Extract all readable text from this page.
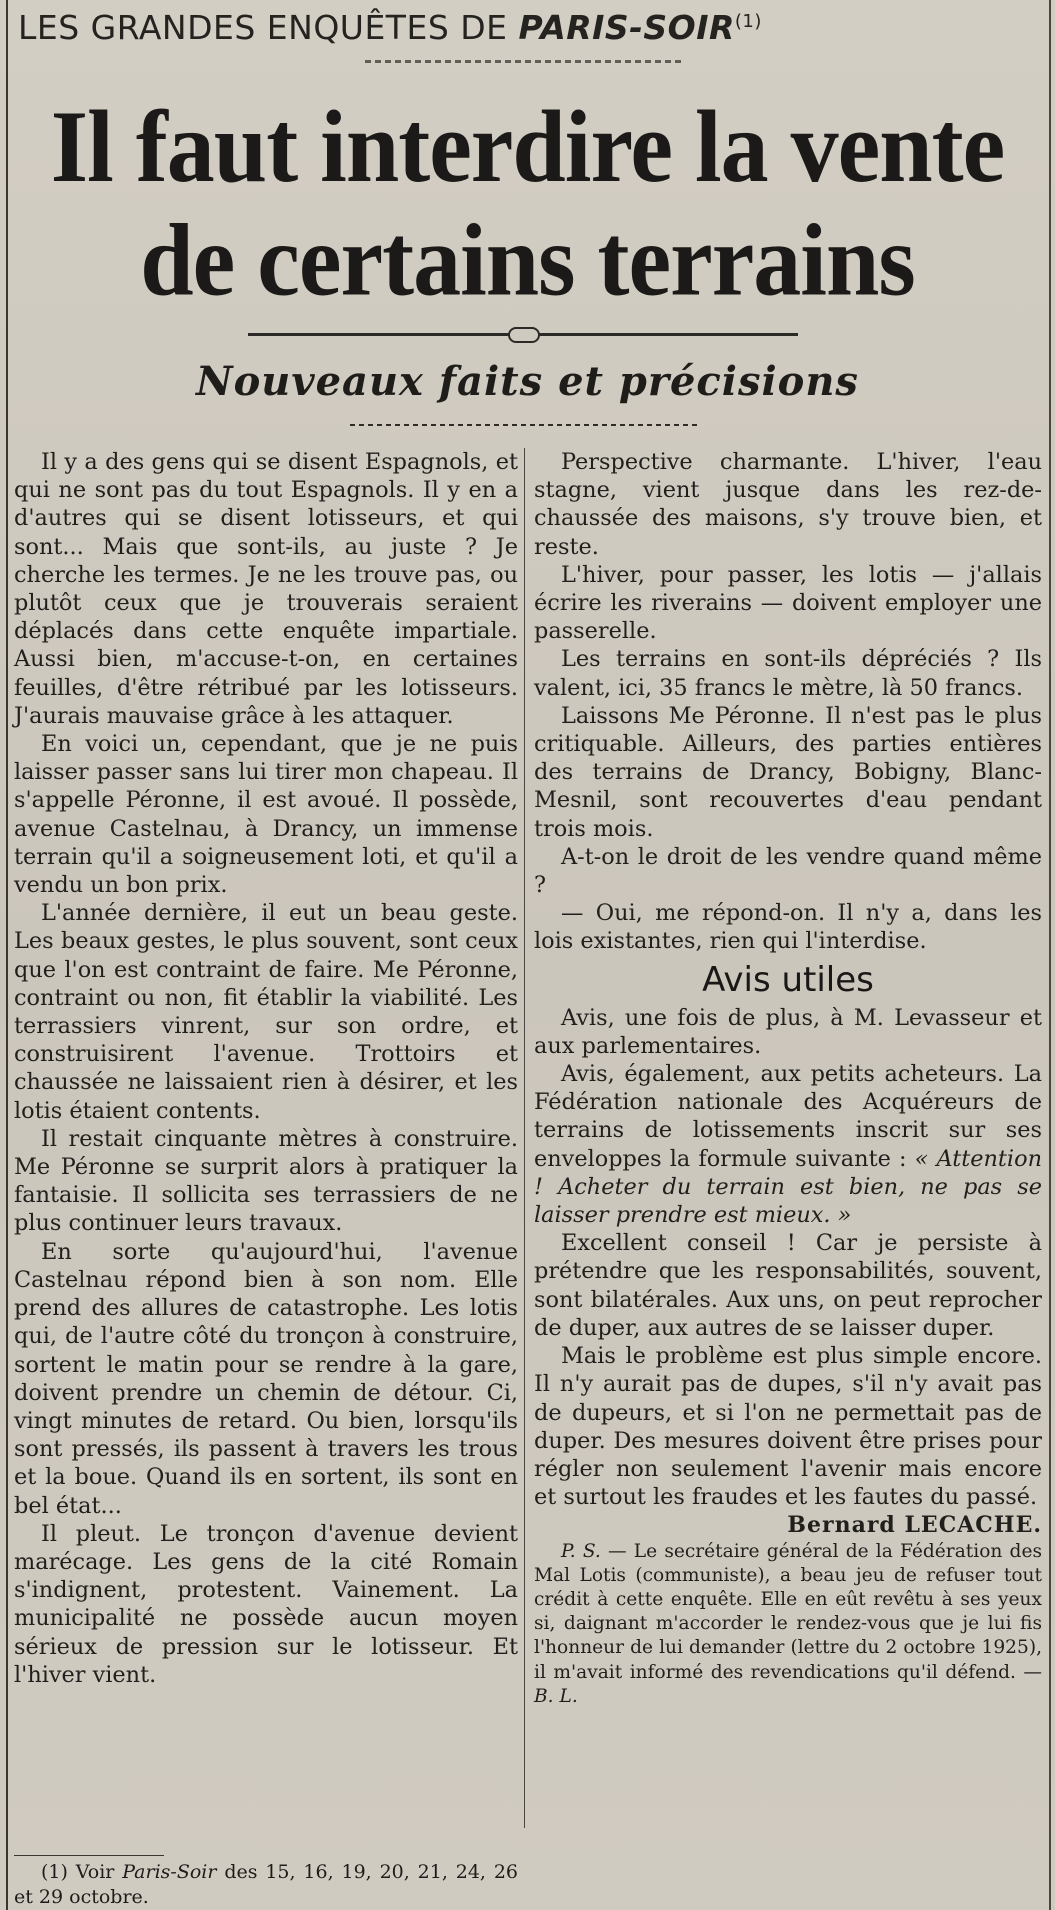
LES GRANDES ENQUÊTES DE PARIS-SOIR$^{(1)}$
Il faut interdire la vente
de certains terrains
Nouveaux faits et précisions

Il y a des gens qui se disent Espagnols, et qui ne sont pas du tout Espagnols. Il y en a d'autres qui se disent lotisseurs, et qui sont... Mais que sont-ils, au juste ? Je cherche les termes. Je ne les trouve pas, ou plutôt ceux que je trouverais seraient déplacés dans cette enquête impartiale. Aussi bien, m'accuse-t-on, en certaines feuilles, d'être rétribué par les lotisseurs. J'aurais mauvaise grâce à les attaquer.

En voici un, cependant, que je ne puis laisser passer sans lui tirer mon chapeau. Il s'appelle Péronne, il est avoué. Il possède, avenue Castelnau, à Drancy, un immense terrain qu'il a soigneusement loti, et qu'il a vendu un bon prix.

L'année dernière, il eut un beau geste. Les beaux gestes, le plus souvent, sont ceux que l'on est contraint de faire. Me Péronne, contraint ou non, fit établir la viabilité. Les terrassiers vinrent, sur son ordre, et construisirent l'avenue. Trottoirs et chaussée ne laissaient rien à désirer, et les lotis étaient contents.

Il restait cinquante mètres à construire. Me Péronne se surprit alors à pratiquer la fantaisie. Il sollicita ses terrassiers de ne plus continuer leurs travaux.

En sorte qu'aujourd'hui, l'avenue Castelnau répond bien à son nom. Elle prend des allures de catastrophe. Les lotis qui, de l'autre côté du tronçon à construire, sortent le matin pour se rendre à la gare, doivent prendre un chemin de détour. Ci, vingt minutes de retard. Ou bien, lorsqu'ils sont pressés, ils passent à travers les trous et la boue. Quand ils en sortent, ils sont en bel état...

Il pleut. Le tronçon d'avenue devient marécage. Les gens de la cité Romain s'indignent, protestent. Vainement. La municipalité ne possède aucun moyen sérieux de pression sur le lotisseur. Et l'hiver vient.

Perspective charmante. L'hiver, l'eau stagne, vient jusque dans les rez-de-chaussée des maisons, s'y trouve bien, et reste.

L'hiver, pour passer, les lotis — j'allais écrire les riverains — doivent employer une passerelle.

Les terrains en sont-ils dépréciés ? Ils valent, ici, 35 francs le mètre, là 50 francs.

Laissons Me Péronne. Il n'est pas le plus critiquable. Ailleurs, des parties entières des terrains de Drancy, Bobigny, Blanc-Mesnil, sont recouvertes d'eau pendant trois mois.

A-t-on le droit de les vendre quand même ?

— Oui, me répond-on. Il n'y a, dans les lois existantes, rien qui l'interdise.

Avis utiles

Avis, une fois de plus, à M. Levasseur et aux parlementaires.

Avis, également, aux petits acheteurs. La Fédération nationale des Acquéreurs de terrains de lotissements inscrit sur ses enveloppes la formule suivante : « Attention ! Acheter du terrain est bien, ne pas se laisser prendre est mieux. »

Excellent conseil ! Car je persiste à prétendre que les responsabilités, souvent, sont bilatérales. Aux uns, on peut reprocher de duper, aux autres de se laisser duper.

Mais le problème est plus simple encore. Il n'y aurait pas de dupes, s'il n'y avait pas de dupeurs, et si l'on ne permettait pas de duper. Des mesures doivent être prises pour régler non seulement l'avenir mais encore et surtout les fraudes et les fautes du passé.

Bernard LECACHE.

P. S. — Le secrétaire général de la Fédération des Mal Lotis (communiste), a beau jeu de refuser tout crédit à cette enquête. Elle en eût revêtu à ses yeux si, daignant m'accorder le rendez-vous que je lui fis l'honneur de lui demander (lettre du 2 octobre 1925), il m'avait informé des revendications qu'il défend. — B. L.

(1) Voir Paris-Soir des 15, 16, 19, 20, 21, 24, 26 et 29 octobre.
